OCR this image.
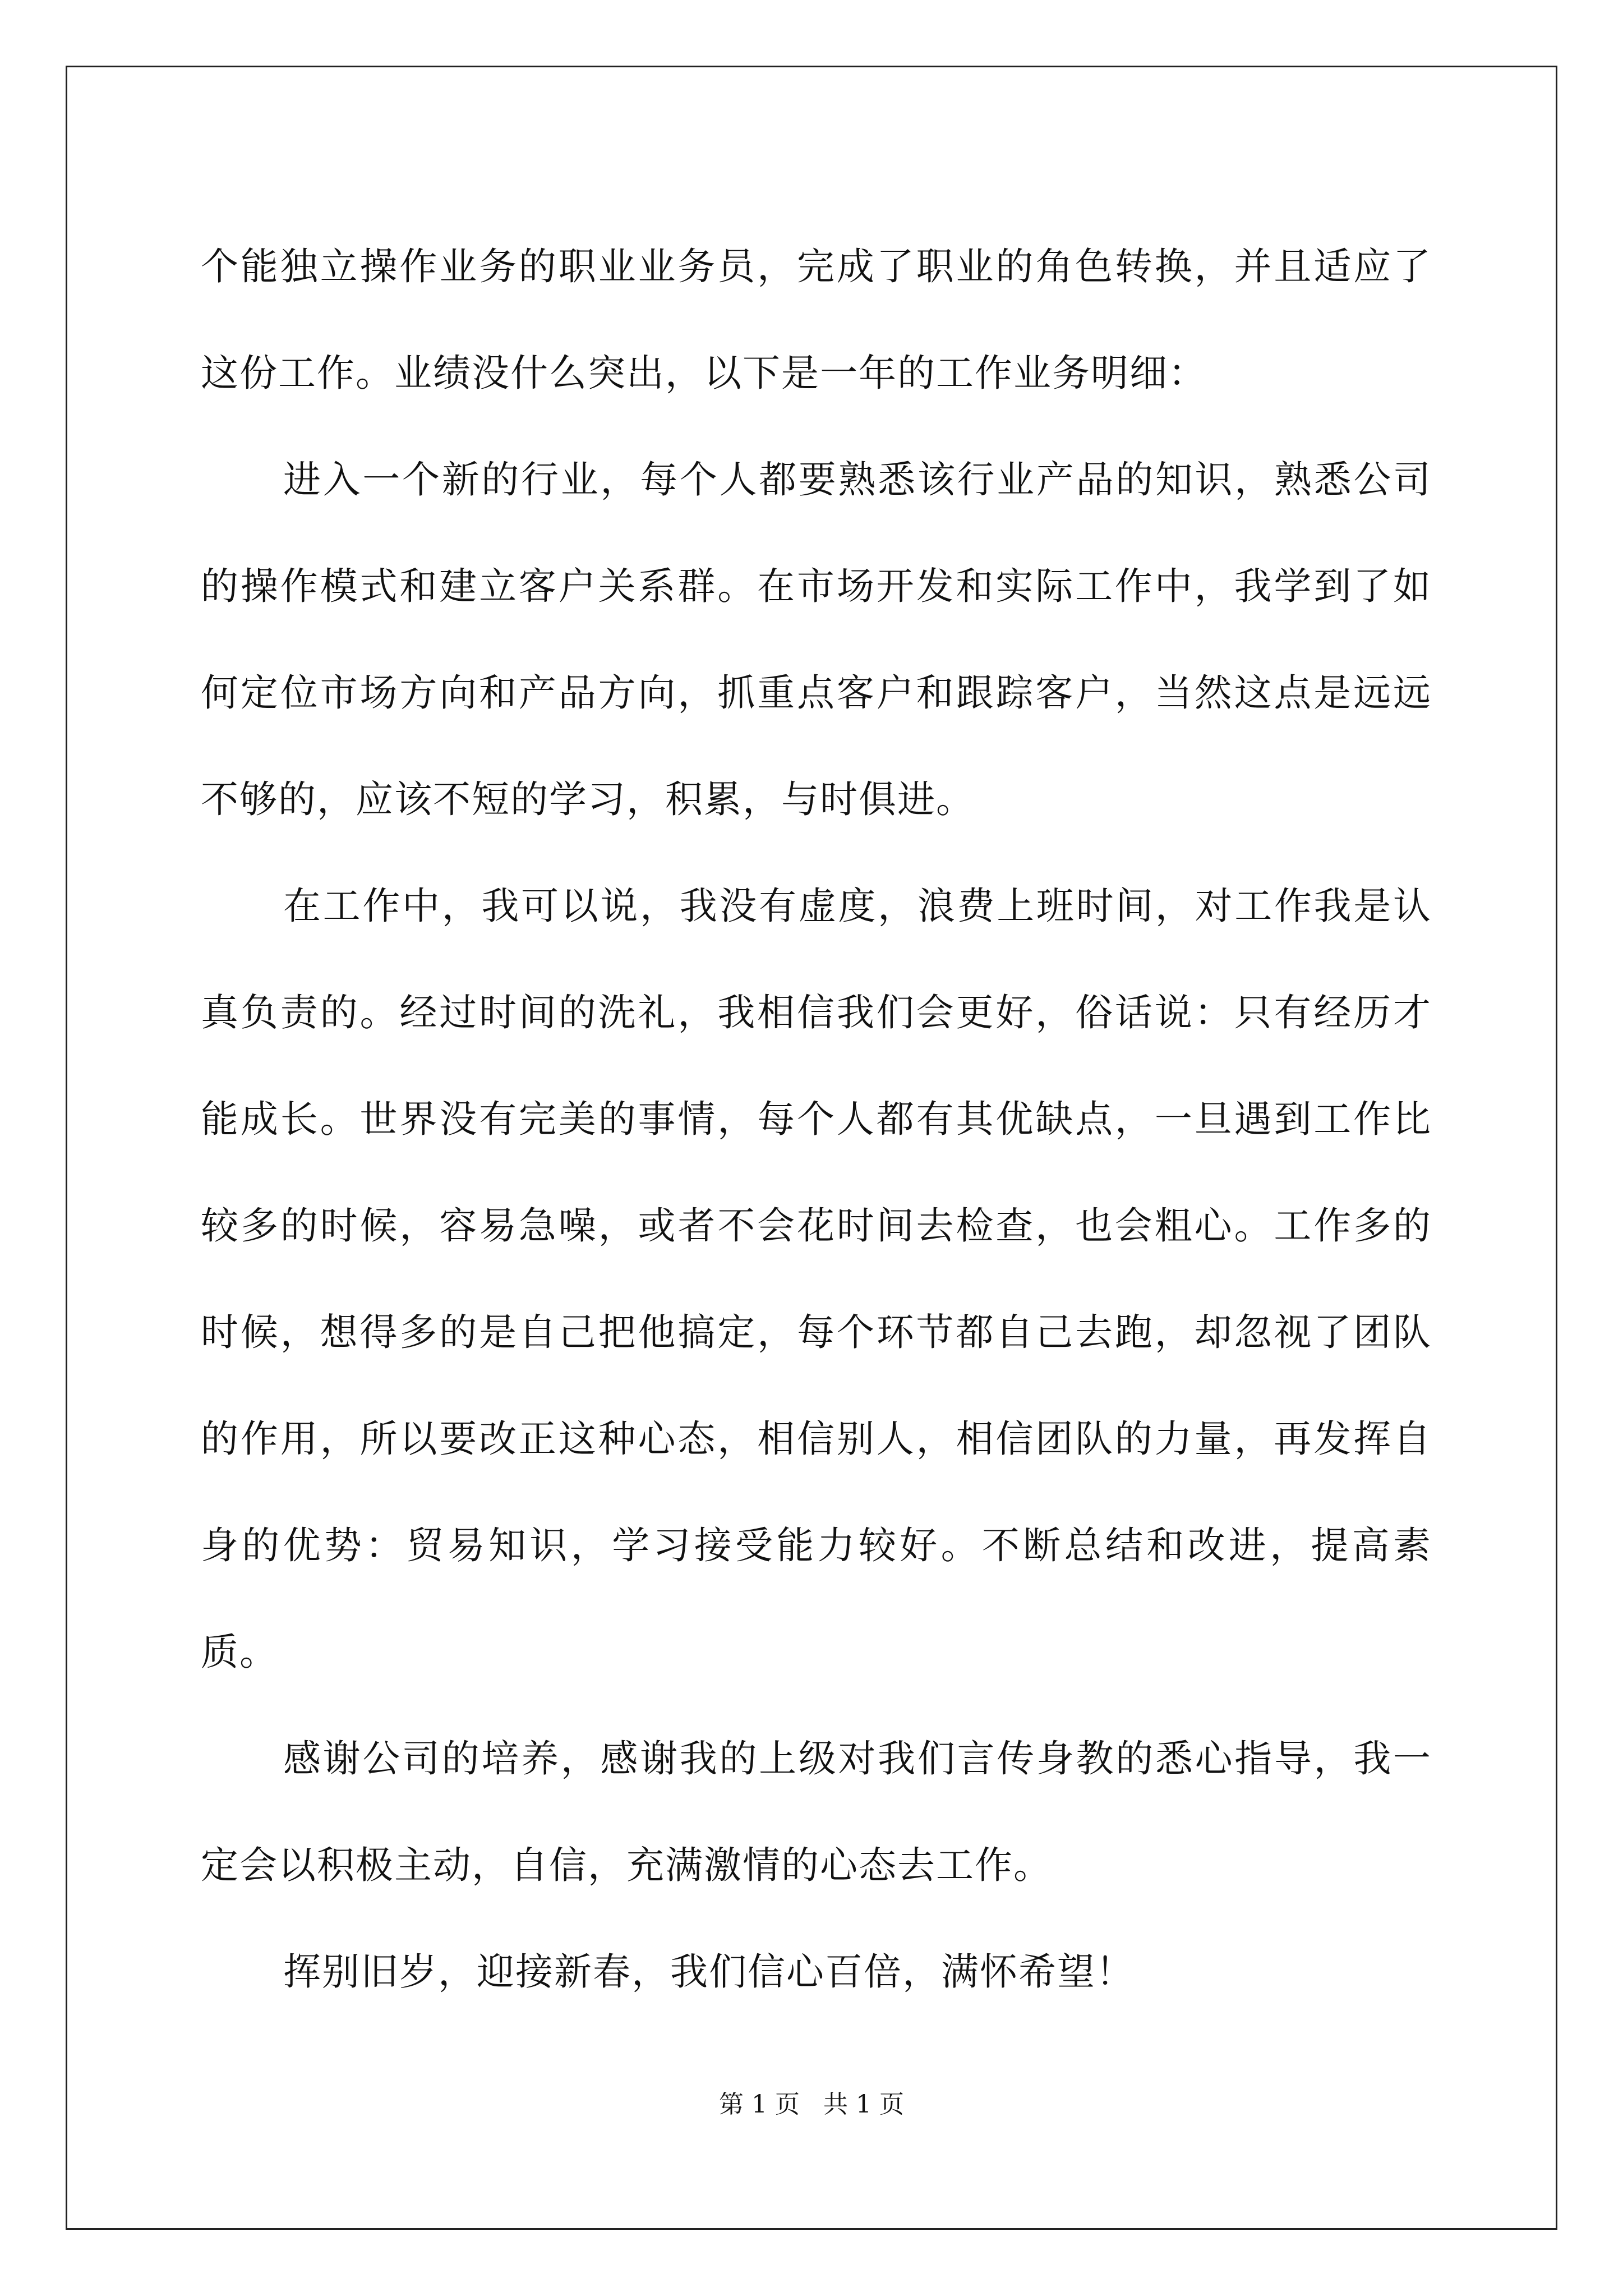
个能独立操作业务的职业业务员，完成了职业的角色转换，并且适应了这份工作。业绩没什么突出，以下是一年的工作业务明细：

进入一个新的行业，每个人都要熟悉该行业产品的知识，熟悉公司的操作模式和建立客户关系群。在市场开发和实际工作中，我学到了如何定位市场方向和产品方向，抓重点客户和跟踪客户，当然这点是远远不够的，应该不短的学习，积累，与时俱进。

在工作中，我可以说，我没有虚度，浪费上班时间，对工作我是认真负责的。经过时间的洗礼，我相信我们会更好，俗话说：只有经历才能成长。世界没有完美的事情，每个人都有其优缺点，一旦遇到工作比较多的时候，容易急噪，或者不会花时间去检查，也会粗心。工作多的时候，想得多的是自己把他搞定，每个环节都自己去跑，却忽视了团队的作用，所以要改正这种心态，相信别人，相信团队的力量，再发挥自身的优势：贸易知识，学习接受能力较好。不断总结和改进，提高素质。

感谢公司的培养，感谢我的上级对我们言传身教的悉心指导，我一定会以积极主动，自信，充满激情的心态去工作。

挥别旧岁，迎接新春，我们信心百倍，满怀希望！

第 1 页   共 1 页
